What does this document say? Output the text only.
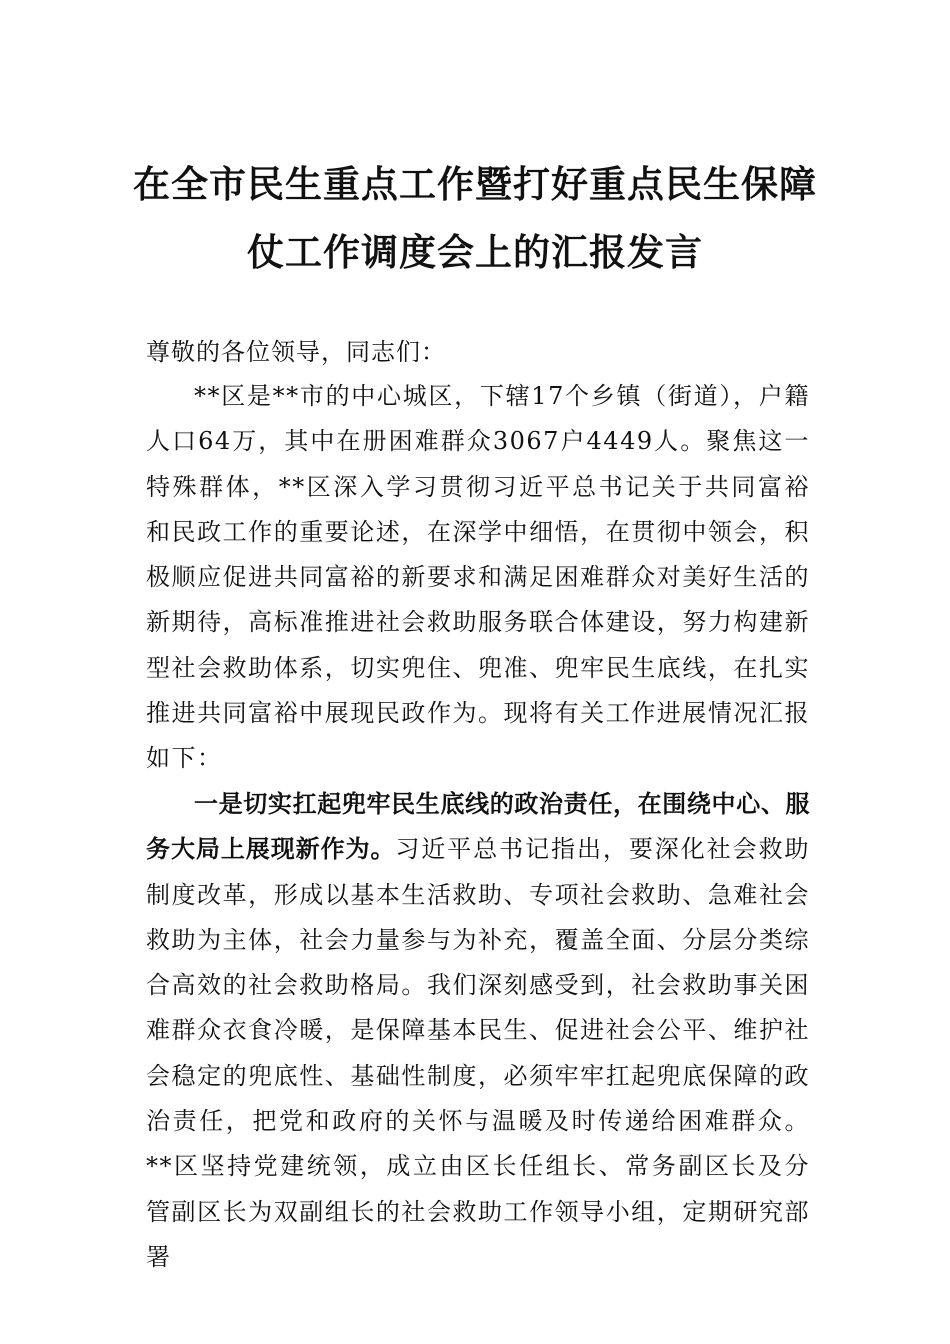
在全市民生重点工作暨打好重点民生保障
仗工作调度会上的汇报发言
尊敬的各位领导，同志们：
**区是**市的中心城区，下辖17个乡镇（街道），户籍人口64万，其中在册困难群众3067户4449人。聚焦这一特殊群体，**区深入学习贯彻习近平总书记关于共同富裕和民政工作的重要论述，在深学中细悟，在贯彻中领会，积极顺应促进共同富裕的新要求和满足困难群众对美好生活的新期待，高标准推进社会救助服务联合体建设，努力构建新型社会救助体系，切实兜住、兜准、兜牢民生底线，在扎实推进共同富裕中展现民政作为。现将有关工作进展情况汇报如下：
一是切实扛起兜牢民生底线的政治责任，在围绕中心、服务大局上展现新作为。习近平总书记指出，要深化社会救助制度改革，形成以基本生活救助、专项社会救助、急难社会救助为主体，社会力量参与为补充，覆盖全面、分层分类综合高效的社会救助格局。我们深刻感受到，社会救助事关困难群众衣食冷暖，是保障基本民生、促进社会公平、维护社会稳定的兜底性、基础性制度，必须牢牢扛起兜底保障的政治责任，把党和政府的关怀与温暖及时传递给困难群众。**区坚持党建统领，成立由区长任组长、常务副区长及分管副区长为双副组长的社会救助工作领导小组，定期研究部署
